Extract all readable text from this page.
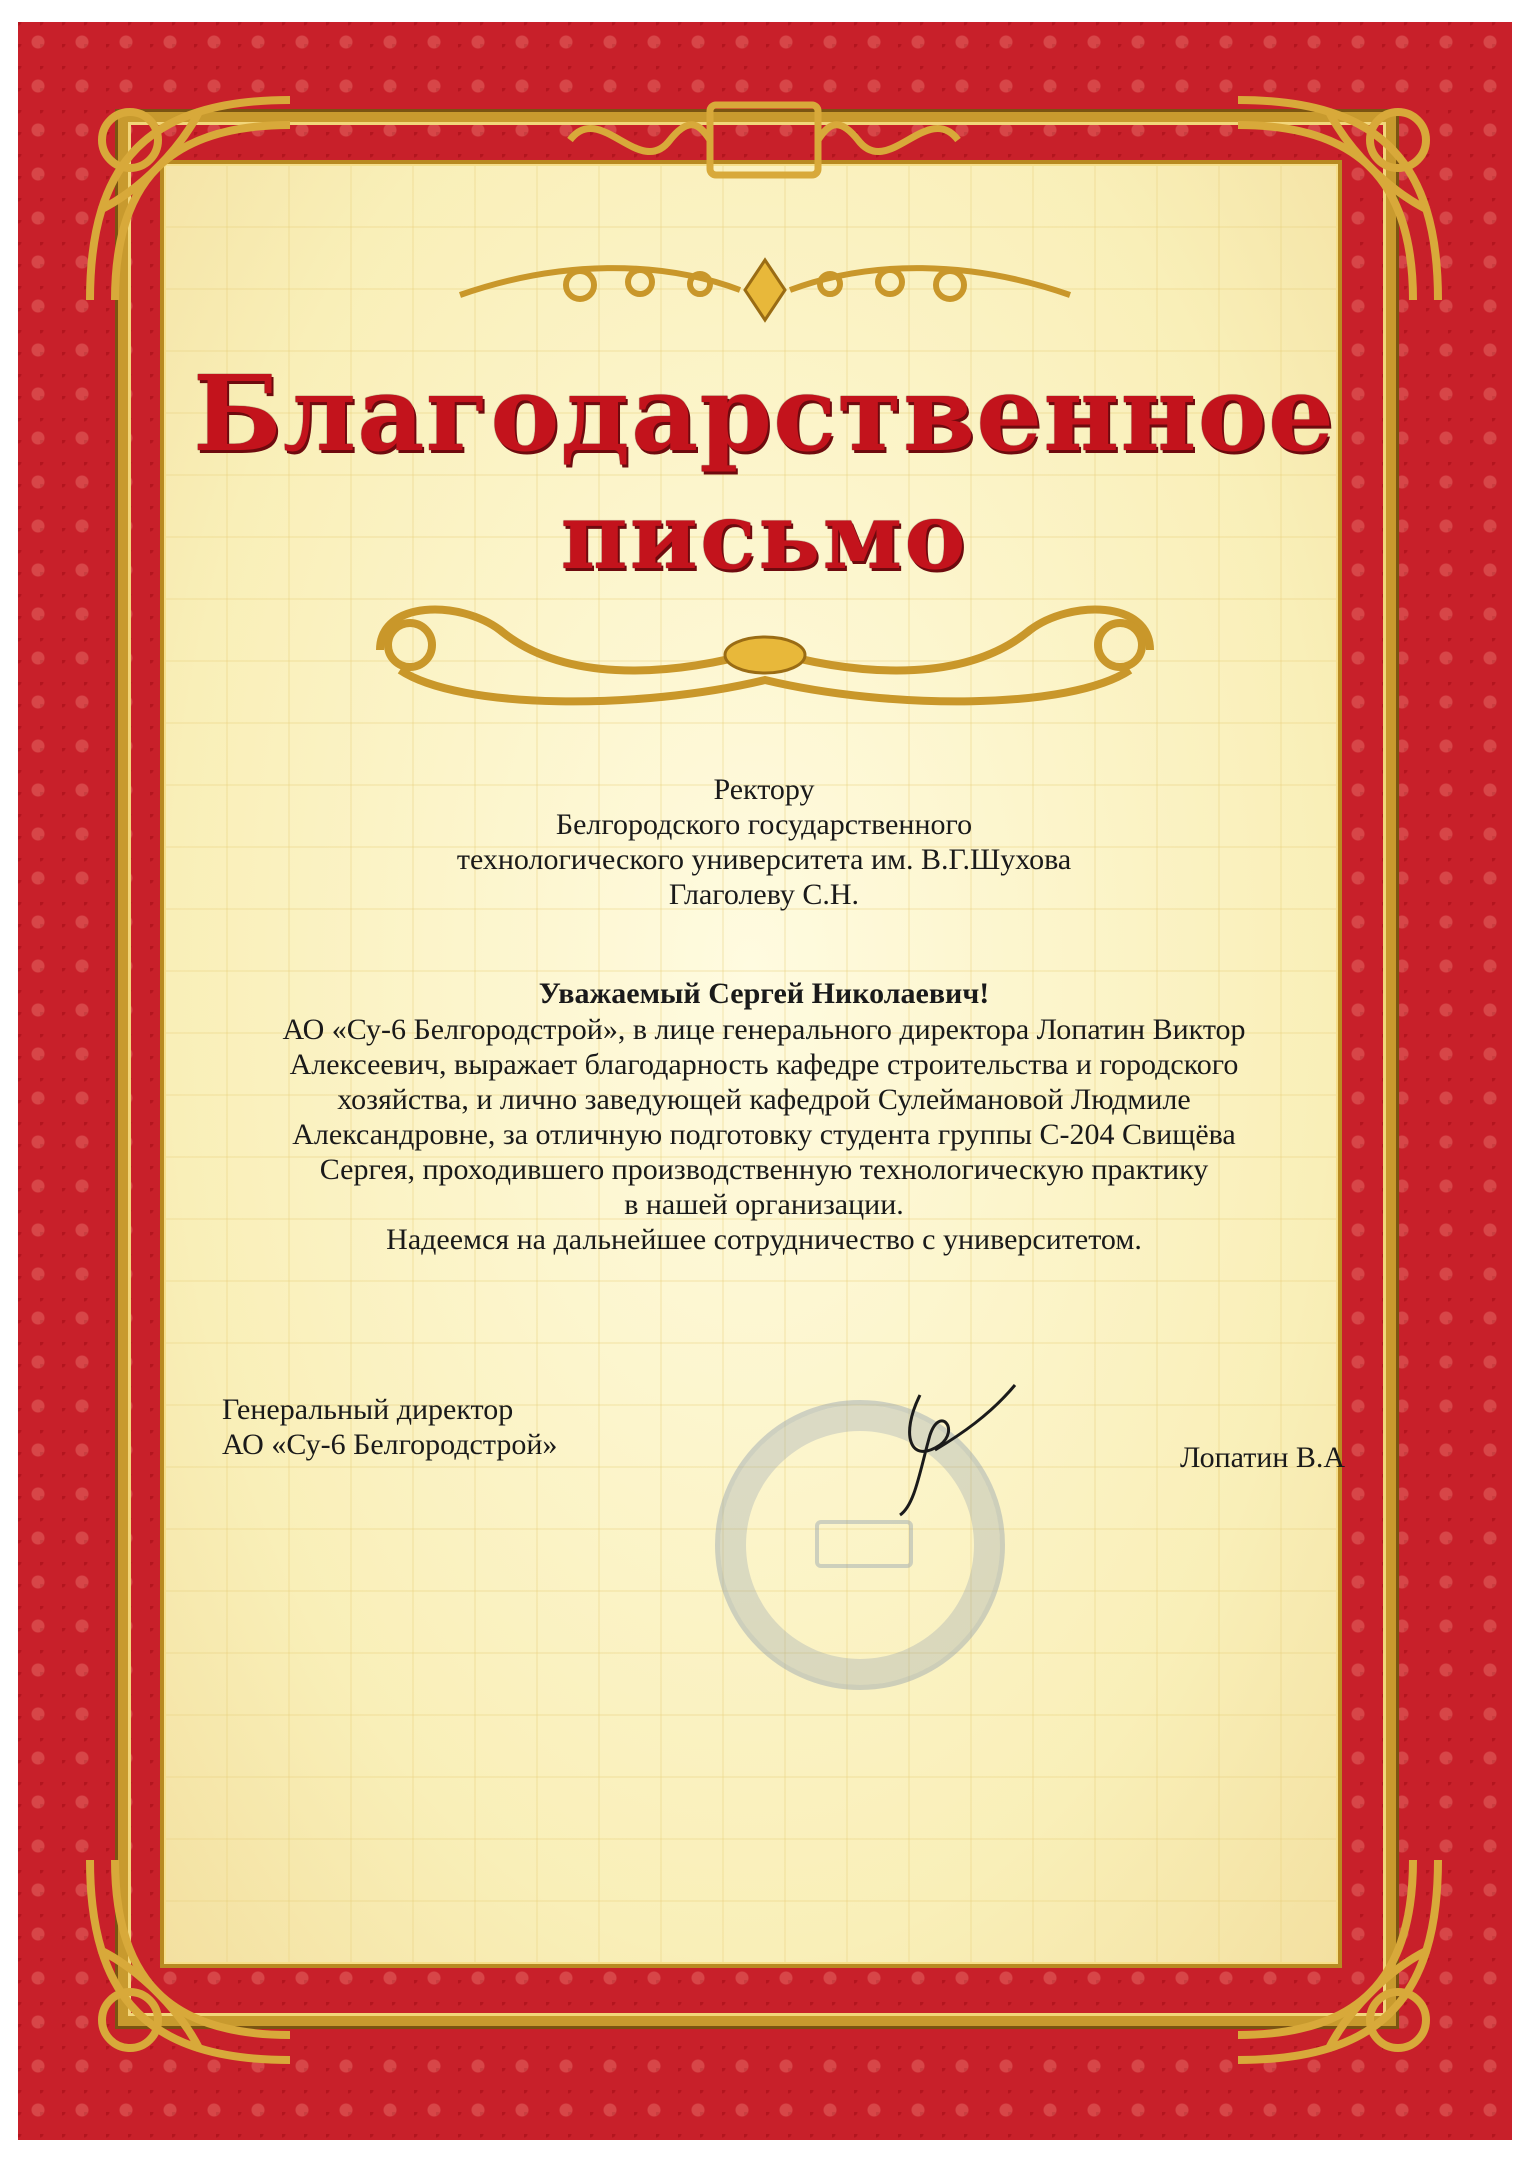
Благодарственное
письмо
Ректору
Белгородского государственного
технологического университета им. В.Г.Шухова
Глаголеву С.Н.
Уважаемый Сергей Николаевич!
АО «Су-6 Белгородстрой», в лице генерального директора Лопатин Виктор
Алексеевич, выражает благодарность кафедре строительства и городского
хозяйства, и лично заведующей кафедрой Сулеймановой Людмиле
Александровне, за отличную подготовку студента группы С-204 Свищёва
Сергея, проходившего производственную технологическую практику
в нашей организации.
Надеемся на дальнейшее сотрудничество с университетом.
Генеральный директор
АО «Су-6 Белгородстрой»	Лопатин В.А
